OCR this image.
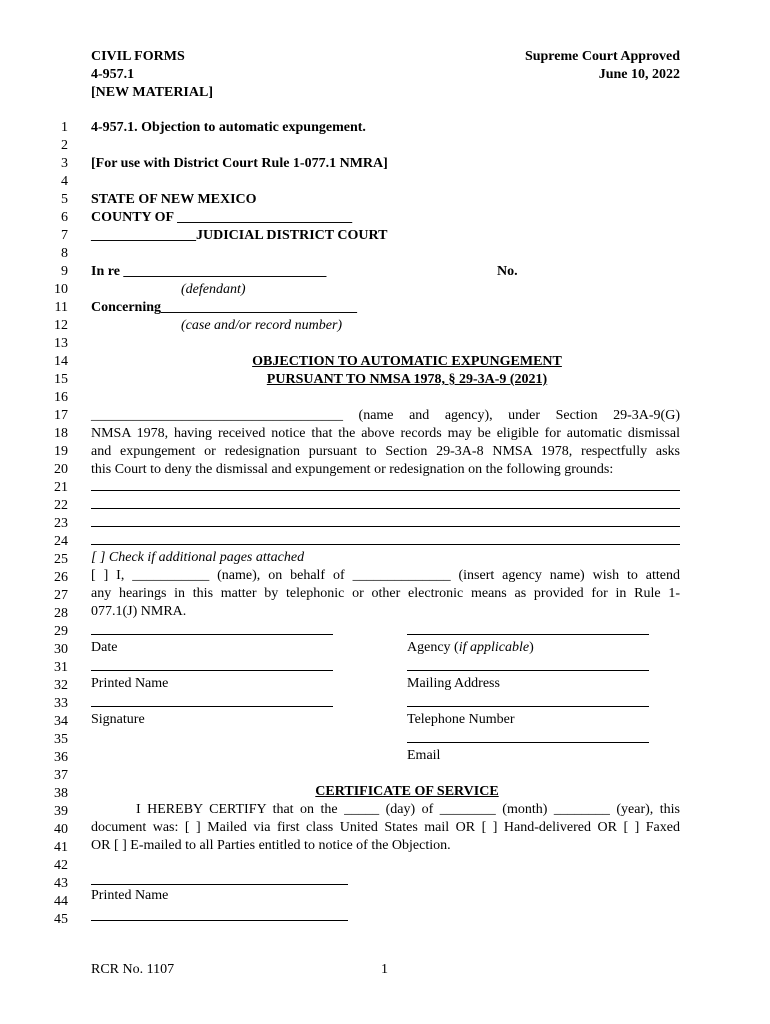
CIVIL FORMS
4-957.1
[NEW MATERIAL]
Supreme Court Approved
June 10, 2022
1
2
3
4
5
6
7
8
9
10
11
12
13
14
15
16
17
18
19
20
21
22
23
24
25
26
27
28
29
30
31
32
33
34
35
36
37
38
39
40
41
42
43
44
45
4-957.1. Objection to automatic expungement.
[For use with District Court Rule 1-077.1 NMRA]
STATE OF NEW MEXICO
COUNTY OF _________________________
_______________JUDICIAL DISTRICT COURT
In re _____________________________	No.
(defendant)
Concerning____________________________
(case and/or record number)
OBJECTION TO AUTOMATIC EXPUNGEMENT
PURSUANT TO NMSA 1978, § 29-3A-9 (2021)
____________________________________ (name and agency), under Section 29-3A-9(G)
NMSA 1978, having received notice that the above records may be eligible for automatic dismissal
and expungement or redesignation pursuant to Section 29-3A-8 NMSA 1978, respectfully asks
this Court to deny the dismissal and expungement or redesignation on the following grounds:
[ ] Check if additional pages attached
[ ] I, ___________ (name), on behalf of ______________ (insert agency name) wish to attend
any hearings in this matter by telephonic or other electronic means as provided for in Rule 1-
077.1(J) NMRA.
Date	Agency (if applicable)
Printed Name	Mailing Address
Signature	Telephone Number
Email
CERTIFICATE OF SERVICE
I HEREBY CERTIFY that on the _____ (day) of ________ (month) ________ (year), this
document was: [ ] Mailed via first class United States mail OR [ ] Hand-delivered OR [ ] Faxed
OR [ ] E-mailed to all Parties entitled to notice of the Objection.
Printed Name
RCR No. 1107	1
